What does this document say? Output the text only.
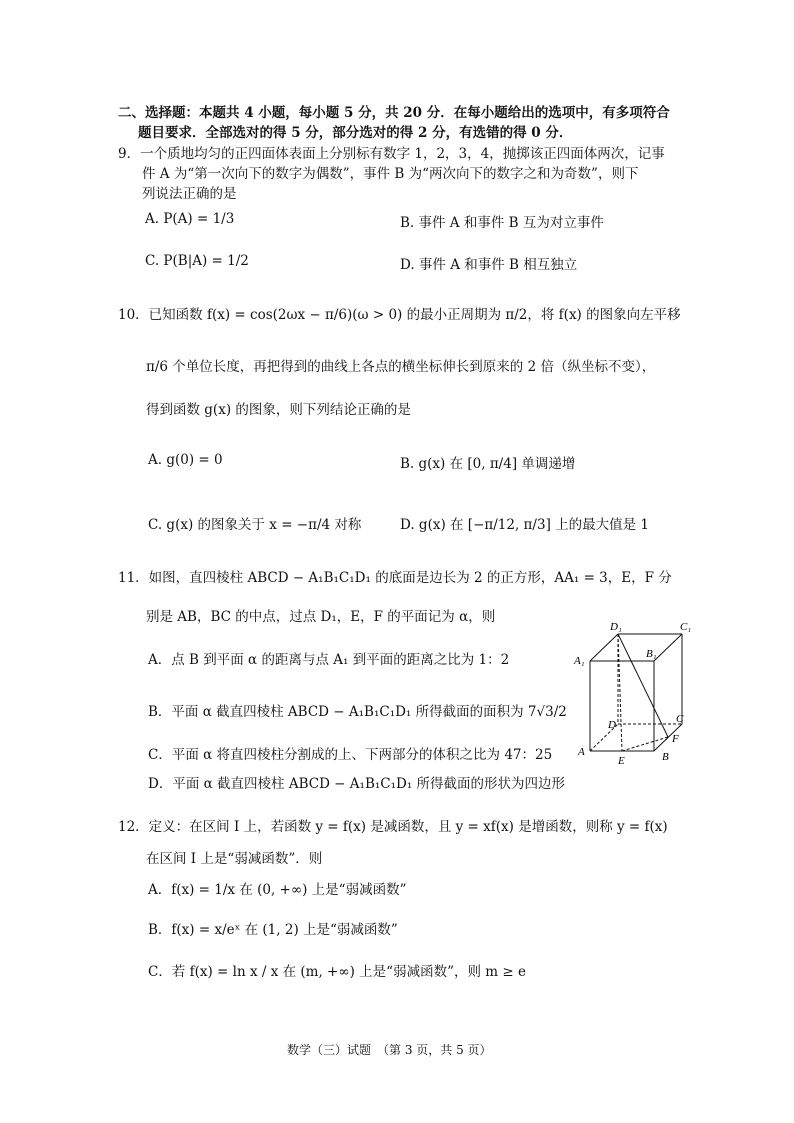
二、选择题：本题共 4 小题，每小题 5 分，共 20 分．在每小题给出的选项中，有多项符合
题目要求．全部选对的得 5 分，部分选对的得 2 分，有选错的得 0 分．
9．一个质地均匀的正四面体表面上分别标有数字 1，2，3，4，抛掷该正四面体两次，记事
件 A 为“第一次向下的数字为偶数”，事件 B 为“两次向下的数字之和为奇数”，则下
列说法正确的是
A. P(A) = 1/3	B. 事件 A 和事件 B 互为对立事件
C. P(B|A) = 1/2	D. 事件 A 和事件 B 相互独立
10．已知函数 f(x) = cos(2ωx − π/6)(ω > 0) 的最小正周期为 π/2，将 f(x) 的图象向左平移
π/6 个单位长度，再把得到的曲线上各点的横坐标伸长到原来的 2 倍（纵坐标不变），
得到函数 g(x) 的图象，则下列结论正确的是
A. g(0) = 0	B. g(x) 在 [0, π/4] 单调递增
C. g(x) 的图象关于 x = −π/4 对称	D. g(x) 在 [−π/12, π/3] 上的最大值是 1
11．如图，直四棱柱 ABCD − A₁B₁C₁D₁ 的底面是边长为 2 的正方形，AA₁ = 3，E，F 分
别是 AB，BC 的中点，过点 D₁，E，F 的平面记为 α，则
A．点 B 到平面 α 的距离与点 A₁ 到平面的距离之比为 1：2
B．平面 α 截直四棱柱 ABCD − A₁B₁C₁D₁ 所得截面的面积为 7√3/2
C．平面 α 将直四棱柱分割成的上、下两部分的体积之比为 47：25
D．平面 α 截直四棱柱 ABCD − A₁B₁C₁D₁ 所得截面的形状为四边形
D₁	C₁
A₁
B₁
D	C
A
E	B
F
12．定义：在区间 I 上，若函数 y = f(x) 是减函数，且 y = xf(x) 是增函数，则称 y = f(x)
在区间 I 上是“弱减函数”．则
A．f(x) = 1/x 在 (0, +∞) 上是“弱减函数”
B．f(x) = x/eˣ 在 (1, 2) 上是“弱减函数”
C．若 f(x) = ln x / x 在 (m, +∞) 上是“弱减函数”，则 m ≥ e
数学（三）试题　（第 3 页，共 5 页）
